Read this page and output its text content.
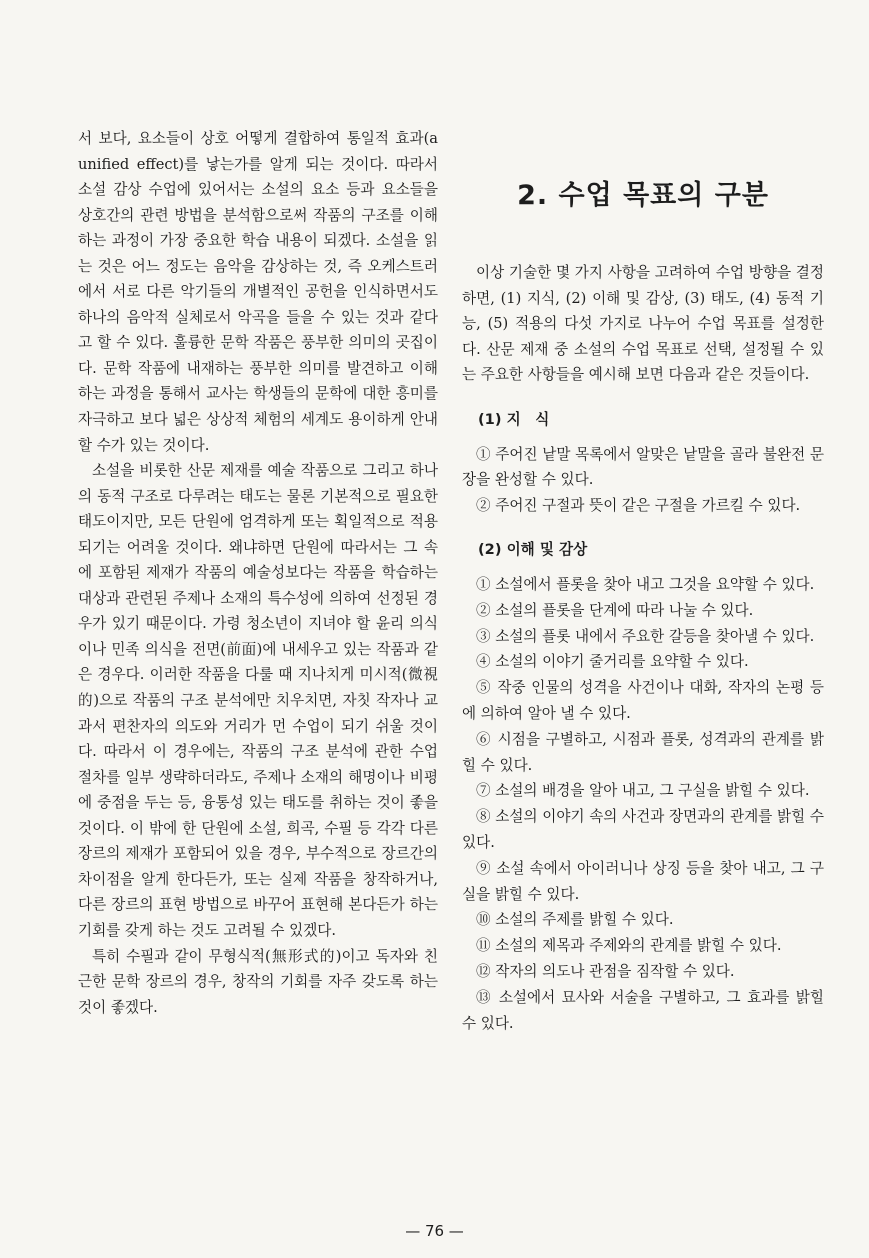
서 보다, 요소들이 상호 어떻게 결합하여 통일적 효과(a unified effect)를 낳는가를 알게 되는 것이다. 따라서 소설 감상 수업에 있어서는 소설의 요소 등과 요소들을 상호간의 관련 방법을 분석함으로써 작품의 구조를 이해하는 과정이 가장 중요한 학습 내용이 되겠다. 소설을 읽는 것은 어느 정도는 음악을 감상하는 것, 즉 오케스트러에서 서로 다른 악기들의 개별적인 공헌을 인식하면서도 하나의 음악적 실체로서 악곡을 들을 수 있는 것과 같다고 할 수 있다. 훌륭한 문학 작품은 풍부한 의미의 곳집이다. 문학 작품에 내재하는 풍부한 의미를 발견하고 이해하는 과정을 통해서 교사는 학생들의 문학에 대한 흥미를 자극하고 보다 넓은 상상적 체험의 세계도 용이하게 안내할 수가 있는 것이다.

소설을 비롯한 산문 제재를 예술 작품으로 그리고 하나의 동적 구조로 다루려는 태도는 물론 기본적으로 필요한 태도이지만, 모든 단원에 엄격하게 또는 획일적으로 적용되기는 어려울 것이다. 왜냐하면 단원에 따라서는 그 속에 포함된 제재가 작품의 예술성보다는 작품을 학습하는 대상과 관련된 주제나 소재의 특수성에 의하여 선정된 경우가 있기 때문이다. 가령 청소년이 지녀야 할 윤리 의식이나 민족 의식을 전면(前面)에 내세우고 있는 작품과 같은 경우다. 이러한 작품을 다룰 때 지나치게 미시적(微視的)으로 작품의 구조 분석에만 치우치면, 자칫 작자나 교과서 편찬자의 의도와 거리가 먼 수업이 되기 쉬울 것이다. 따라서 이 경우에는, 작품의 구조 분석에 관한 수업 절차를 일부 생략하더라도, 주제나 소재의 해명이나 비평에 중점을 두는 등, 융통성 있는 태도를 취하는 것이 좋을 것이다. 이 밖에 한 단원에 소설, 희곡, 수필 등 각각 다른 장르의 제재가 포함되어 있을 경우, 부수적으로 장르간의 차이점을 알게 한다든가, 또는 실제 작품을 창작하거나, 다른 장르의 표현 방법으로 바꾸어 표현해 본다든가 하는 기회를 갖게 하는 것도 고려될 수 있겠다.

특히 수필과 같이 무형식적(無形式的)이고 독자와 친근한 문학 장르의 경우, 창작의 기회를 자주 갖도록 하는 것이 좋겠다.

2. 수업 목표의 구분

이상 기술한 몇 가지 사항을 고려하여 수업 방향을 결정하면, (1) 지식, (2) 이해 및 감상, (3) 태도, (4) 동적 기능, (5) 적용의 다섯 가지로 나누어 수업 목표를 설정한다. 산문 제재 중 소설의 수업 목표로 선택, 설정될 수 있는 주요한 사항들을 예시해 보면 다음과 같은 것들이다.

(1) 지　식

① 주어진 낱말 목록에서 알맞은 낱말을 골라 불완전 문장을 완성할 수 있다.

② 주어진 구절과 뜻이 같은 구절을 가르킬 수 있다.

(2) 이해 및 감상

① 소설에서 플롯을 찾아 내고 그것을 요약할 수 있다.

② 소설의 플롯을 단계에 따라 나눌 수 있다.

③ 소설의 플롯 내에서 주요한 갈등을 찾아낼 수 있다.

④ 소설의 이야기 줄거리를 요약할 수 있다.

⑤ 작중 인물의 성격을 사건이나 대화, 작자의 논평 등에 의하여 알아 낼 수 있다.

⑥ 시점을 구별하고, 시점과 플롯, 성격과의 관계를 밝힐 수 있다.

⑦ 소설의 배경을 알아 내고, 그 구실을 밝힐 수 있다.

⑧ 소설의 이야기 속의 사건과 장면과의 관계를 밝힐 수 있다.

⑨ 소설 속에서 아이러니나 상징 등을 찾아 내고, 그 구실을 밝힐 수 있다.

⑩ 소설의 주제를 밝힐 수 있다.

⑪ 소설의 제목과 주제와의 관계를 밝힐 수 있다.

⑫ 작자의 의도나 관점을 짐작할 수 있다.

⑬ 소설에서 묘사와 서술을 구별하고, 그 효과를 밝힐 수 있다.

— 76 —
